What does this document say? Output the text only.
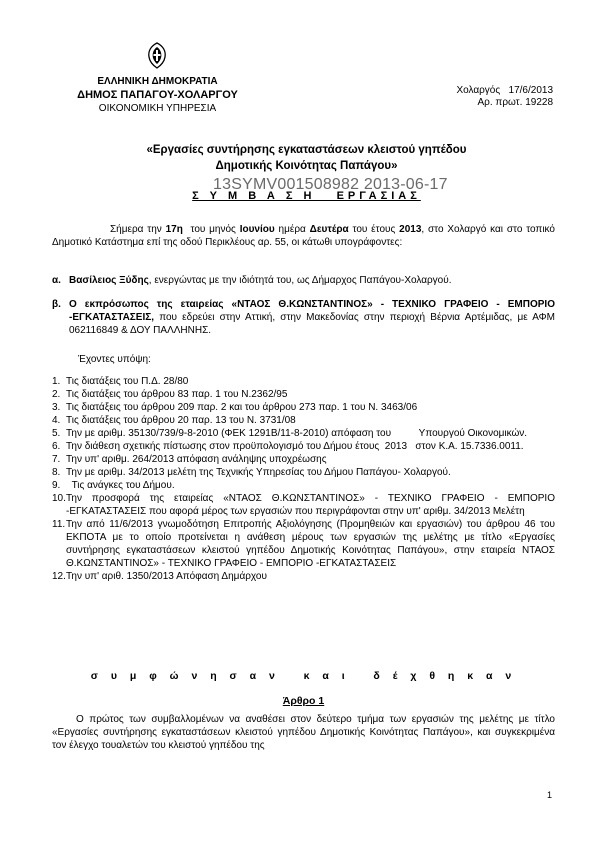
ΕΛΛΗΝΙΚΗ ΔΗΜΟΚΡΑΤΙΑ
ΔΗΜΟΣ ΠΑΠΑΓΟΥ-ΧΟΛΑΡΓΟΥ
ΟΙΚΟΝΟΜΙΚΗ ΥΠΗΡΕΣΙΑ
Χολαργός   17/6/2013
Αρ. πρωτ. 19228
«Εργασίες συντήρησης εγκαταστάσεων κλειστού γηπέδου
Δημοτικής Κοινότητας Παπάγου»
13SYMV001508982 2013-06-17
Σ Υ Μ Β Α Σ Η   ΕΡΓΑΣΙΑΣ
Σήμερα την 17η  του μηνός Ιουνίου ημέρα Δευτέρα του έτους 2013, στο Χολαργό και στο τοπικό Δημοτικό Κατάστημα επί της οδού Περικλέους αρ. 55, οι κάτωθι υπογράφοντες:
α. Βασίλειος Ξύδης, ενεργώντας με την ιδιότητά του, ως Δήμαρχος Παπάγου-Χολαργού.
β. Ο εκπρόσωπος της εταιρείας «ΝΤΑΟΣ Θ.ΚΩΝΣΤΑΝΤΙΝΟΣ» - ΤΕΧΝΙΚΟ ΓΡΑΦΕΙΟ - ΕΜΠΟΡΙΟ -ΕΓΚΑΤΑΣΤΑΣΕΙΣ, που εδρεύει στην Αττική, στην Μακεδονίας στην περιοχή Βέρνια Αρτέμιδας, με ΑΦΜ 062116849 & ΔΟΥ ΠΑΛΛΗΝΗΣ.
Έχοντες υπόψη:
1. Τις διατάξεις του Π.Δ. 28/80
2. Τις διατάξεις του άρθρου 83 παρ. 1 του Ν.2362/95
3. Τις διατάξεις του άρθρου 209 παρ. 2 και του άρθρου 273 παρ. 1 του Ν. 3463/06
4. Τις διατάξεις του άρθρου 20 παρ. 13 του Ν. 3731/08
5. Την με αριθμ. 35130/739/9-8-2010 (ΦΕΚ 1291Β/11-8-2010) απόφαση του          Υπουργού Οικονομικών.
6. Την διάθεση σχετικής πίστωσης στον προϋπολογισμό του Δήμου έτους  2013   στον Κ.Α. 15.7336.0011.
7. Την υπ' αριθμ. 264/2013 απόφαση ανάληψης υποχρέωσης
8. Την με αριθμ. 34/2013 μελέτη της Τεχνικής Υπηρεσίας του Δήμου Παπάγου- Χολαργού.
9. Τις ανάγκες του Δήμου.
10. Την προσφορά της εταιρείας «ΝΤΑΟΣ Θ.ΚΩΝΣΤΑΝΤΙΝΟΣ» - ΤΕΧΝΙΚΟ ΓΡΑΦΕΙΟ - ΕΜΠΟΡΙΟ -ΕΓΚΑΤΑΣΤΑΣΕΙΣ που αφορά μέρος των εργασιών που περιγράφονται στην υπ' αριθμ. 34/2013 Μελέτη
11. Την από 11/6/2013 γνωμοδότηση Επιτροπής Αξιολόγησης (Προμηθειών και εργασιών) του άρθρου 46 του ΕΚΠΟΤΑ με το οποίο προτείνεται η ανάθεση μέρους των εργασιών της μελέτης με τίτλο «Εργασίες συντήρησης εγκαταστάσεων κλειστού γηπέδου Δημοτικής Κοινότητας Παπάγου», στην εταιρεία ΝΤΑΟΣ Θ.ΚΩΝΣΤΑΝΤΙΝΟΣ» - ΤΕΧΝΙΚΟ ΓΡΑΦΕΙΟ - ΕΜΠΟΡΙΟ -ΕΓΚΑΤΑΣΤΑΣΕΙΣ
12. Την υπ' αριθ. 1350/2013 Απόφαση Δημάρχου
σ υ μ φ ώ ν η σ α ν   κ α ι   δ έ χ θ η κ α ν
Άρθρο 1
Ο πρώτος των συμβαλλομένων να αναθέσει στον δεύτερο τμήμα των εργασιών της μελέτης με τίτλο «Εργασίες συντήρησης εγκαταστάσεων κλειστού γηπέδου Δημοτικής Κοινότητας Παπάγου», και συγκεκριμένα τον έλεγχο τουαλετών του κλειστού γηπέδου της
1
